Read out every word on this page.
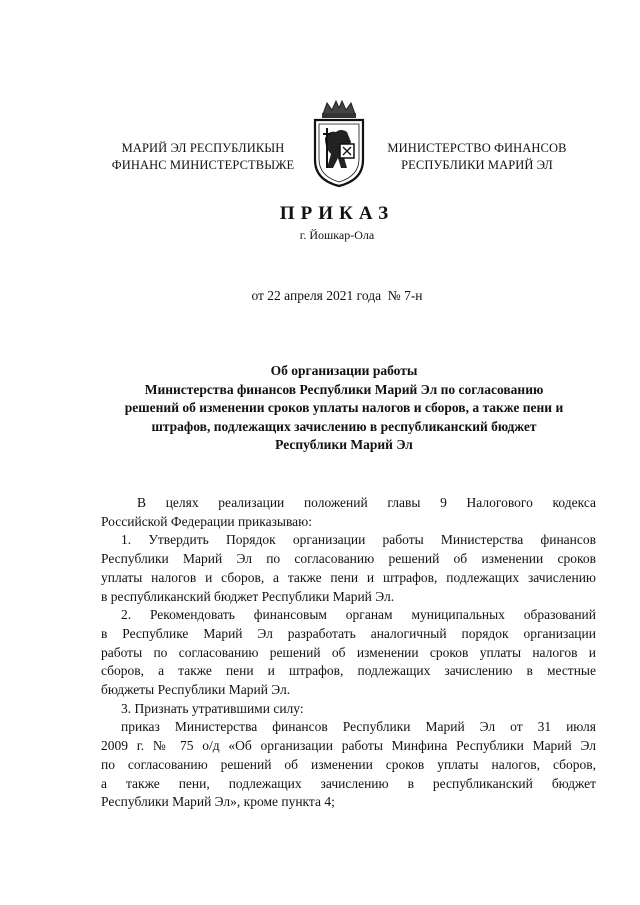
МАРИЙ ЭЛ РЕСПУБЛИКЫН
ФИНАНС МИНИСТЕРСТВЫЖЕ
МИНИСТЕРСТВО ФИНАНСОВ
РЕСПУБЛИКИ МАРИЙ ЭЛ
ПРИКАЗ
г. Йошкар-Ола
от 22 апреля 2021 года  № 7-н
Об организации работы
Министерства финансов Республики Марий Эл по согласованию
решений об изменении сроков уплаты налогов и сборов, а также пени и
штрафов, подлежащих зачислению в республиканский бюджет
Республики Марий Эл
В целях реализации положений главы 9 Налогового кодекса
Российской Федерации приказываю:
1. Утвердить Порядок организации работы Министерства финансов
Республики Марий Эл по согласованию решений об изменении сроков
уплаты налогов и сборов, а также пени и штрафов, подлежащих зачислению
в республиканский бюджет Республики Марий Эл.
2. Рекомендовать финансовым органам муниципальных образований
в Республике Марий Эл разработать аналогичный порядок организации
работы по согласованию решений об изменении сроков уплаты налогов и
сборов, а также пени и штрафов, подлежащих зачислению в местные
бюджеты Республики Марий Эл.
3. Признать утратившими силу:
приказ Министерства финансов Республики Марий Эл от 31 июля
2009 г. № 75 о/д «Об организации работы Минфина Республики Марий Эл
по согласованию решений об изменении сроков уплаты налогов, сборов,
а также пени, подлежащих зачислению в республиканский бюджет
Республики Марий Эл», кроме пункта 4;
